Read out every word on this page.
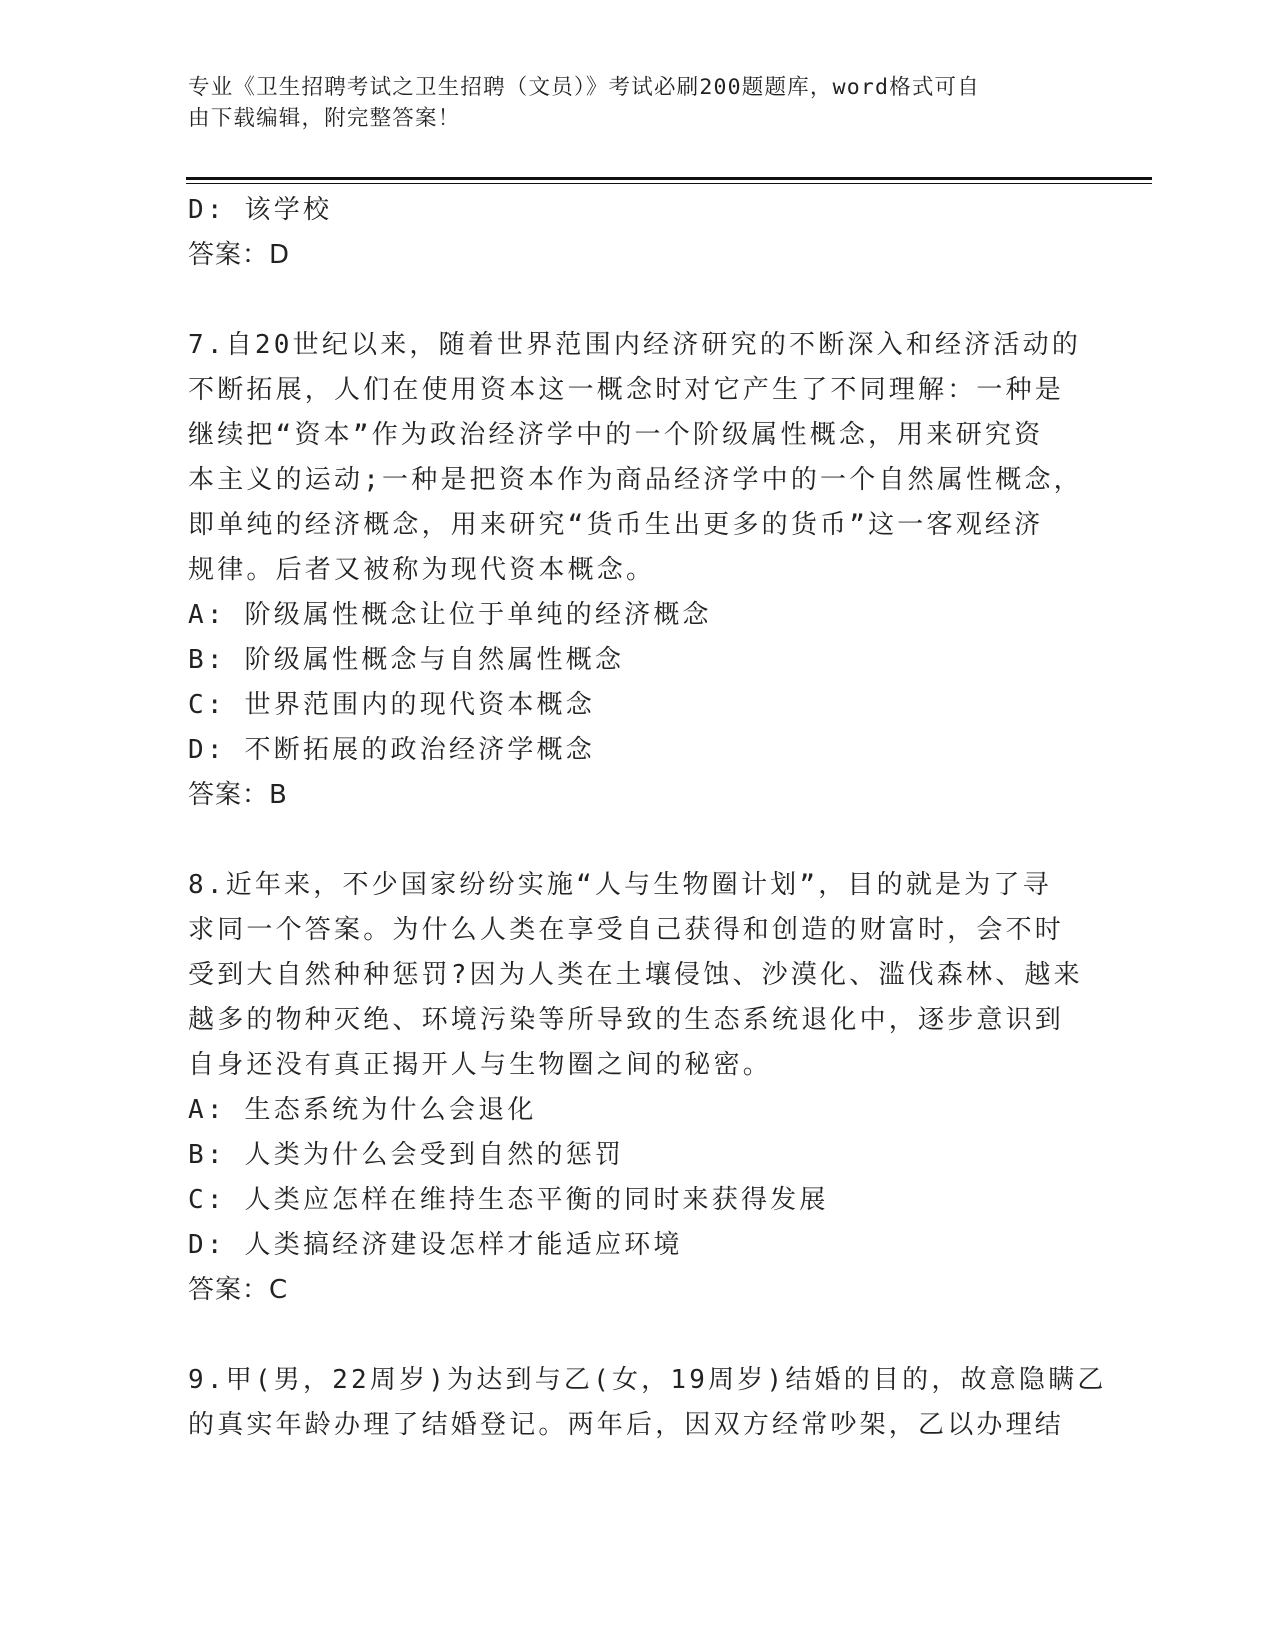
专业《卫生招聘考试之卫生招聘（文员）》考试必刷200题题库，word格式可自
由下载编辑，附完整答案！
D: 该学校
答案：D
7.自20世纪以来，随着世界范围内经济研究的不断深入和经济活动的
不断拓展，人们在使用资本这一概念时对它产生了不同理解：一种是
继续把“资本”作为政治经济学中的一个阶级属性概念，用来研究资
本主义的运动;一种是把资本作为商品经济学中的一个自然属性概念，
即单纯的经济概念，用来研究“货币生出更多的货币”这一客观经济
规律。后者又被称为现代资本概念。
A: 阶级属性概念让位于单纯的经济概念
B: 阶级属性概念与自然属性概念
C: 世界范围内的现代资本概念
D: 不断拓展的政治经济学概念
答案：B
8.近年来，不少国家纷纷实施“人与生物圈计划”，目的就是为了寻
求同一个答案。为什么人类在享受自己获得和创造的财富时，会不时
受到大自然种种惩罚?因为人类在土壤侵蚀、沙漠化、滥伐森林、越来
越多的物种灭绝、环境污染等所导致的生态系统退化中，逐步意识到
自身还没有真正揭开人与生物圈之间的秘密。
A: 生态系统为什么会退化
B: 人类为什么会受到自然的惩罚
C: 人类应怎样在维持生态平衡的同时来获得发展
D: 人类搞经济建设怎样才能适应环境
答案：C
9.甲(男，22周岁)为达到与乙(女，19周岁)结婚的目的，故意隐瞒乙
的真实年龄办理了结婚登记。两年后，因双方经常吵架，乙以办理结
